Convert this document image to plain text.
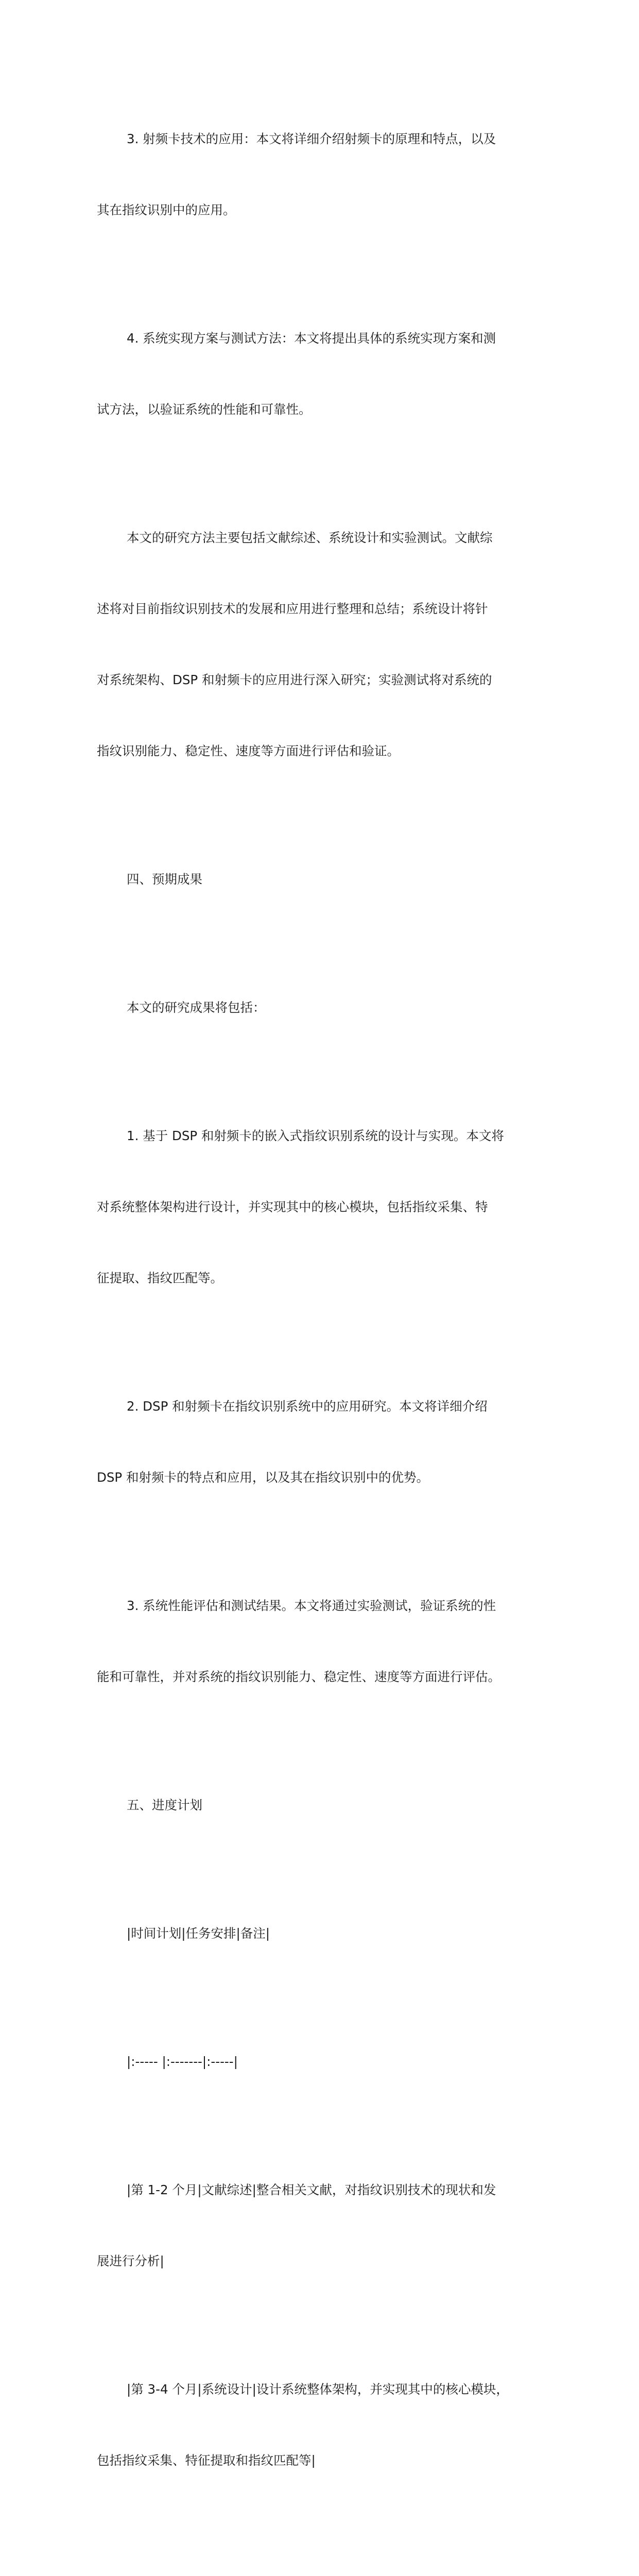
3. 射频卡技术的应用：本文将详细介绍射频卡的原理和特点，以及

其在指纹识别中的应用。

4. 系统实现方案与测试方法：本文将提出具体的系统实现方案和测

试方法，以验证系统的性能和可靠性。

本文的研究方法主要包括文献综述、系统设计和实验测试。文献综

述将对目前指纹识别技术的发展和应用进行整理和总结；系统设计将针

对系统架构、DSP 和射频卡的应用进行深入研究；实验测试将对系统的

指纹识别能力、稳定性、速度等方面进行评估和验证。

四、预期成果

本文的研究成果将包括：

1. 基于 DSP 和射频卡的嵌入式指纹识别系统的设计与实现。本文将

对系统整体架构进行设计，并实现其中的核心模块，包括指纹采集、特

征提取、指纹匹配等。

2. DSP 和射频卡在指纹识别系统中的应用研究。本文将详细介绍

DSP 和射频卡的特点和应用，以及其在指纹识别中的优势。

3. 系统性能评估和测试结果。本文将通过实验测试，验证系统的性

能和可靠性，并对系统的指纹识别能力、稳定性、速度等方面进行评估。

五、进度计划

|时间计划|任务安排|备注|

|:----- |:-------|:-----|

|第 1-2 个月|文献综述|整合相关文献，对指纹识别技术的现状和发

展进行分析|

|第 3-4 个月|系统设计|设计系统整体架构，并实现其中的核心模块，

包括指纹采集、特征提取和指纹匹配等|
